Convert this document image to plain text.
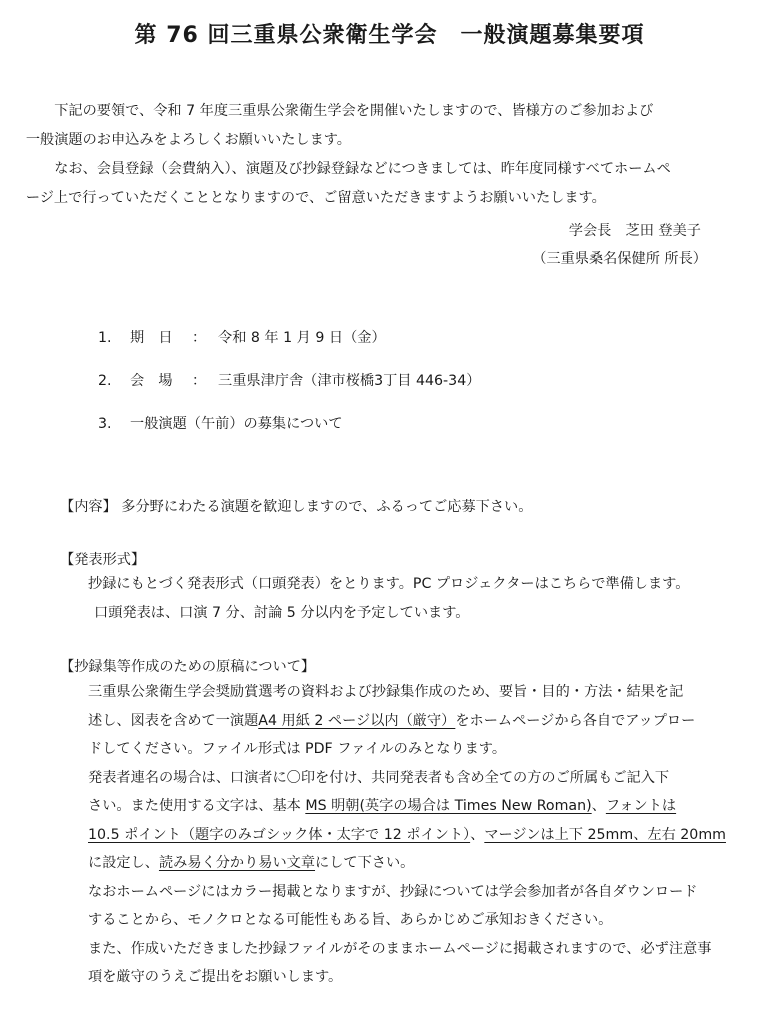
第 76 回三重県公衆衛生学会　一般演題募集要項

下記の要領で、令和 7 年度三重県公衆衛生学会を開催いたしますので、皆様方のご参加および
一般演題のお申込みをよろしくお願いいたします。

なお、会員登録（会費納入）、演題及び抄録登録などにつきましては、昨年度同様すべてホームペ
ージ上で行っていただくこととなりますので、ご留意いただきますようお願いいたします。

学会長　芝田 登美子
（三重県桑名保健所 所長）
1. 期　日 ： 令和 8 年 1 月 9 日（金）
2. 会　場 ： 三重県津庁舎（津市桜橋3丁目 446-34）
3. 一般演題（午前）の募集について
【内容】 多分野にわたる演題を歓迎しますので、ふるってご応募下さい。
【発表形式】
抄録にもとづく発表形式（口頭発表）をとります。PC プロジェクターはこちらで準備します。
口頭発表は、口演 7 分、討論 5 分以内を予定しています。
【抄録集等作成のための原稿について】
三重県公衆衛生学会奨励賞選考の資料および抄録集作成のため、要旨・目的・方法・結果を記
述し、図表を含めて一演題A4 用紙 2 ページ以内（厳守）をホームページから各自でアップロー
ドしてください。ファイル形式は PDF ファイルのみとなります。
発表者連名の場合は、口演者に〇印を付け、共同発表者も含め全ての方のご所属もご記入下
さい。また使用する文字は、基本 MS 明朝(英字の場合は Times New Roman)、フォントは
10.5 ポイント（題字のみゴシック体・太字で 12 ポイント）、マージンは上下 25mm、左右 20mm
に設定し、読み易く分かり易い文章にして下さい。
なおホームページにはカラー掲載となりますが、抄録については学会参加者が各自ダウンロード
することから、モノクロとなる可能性もある旨、あらかじめご承知おきください。
また、作成いただきました抄録ファイルがそのままホームページに掲載されますので、必ず注意事
項を厳守のうえご提出をお願いします。
